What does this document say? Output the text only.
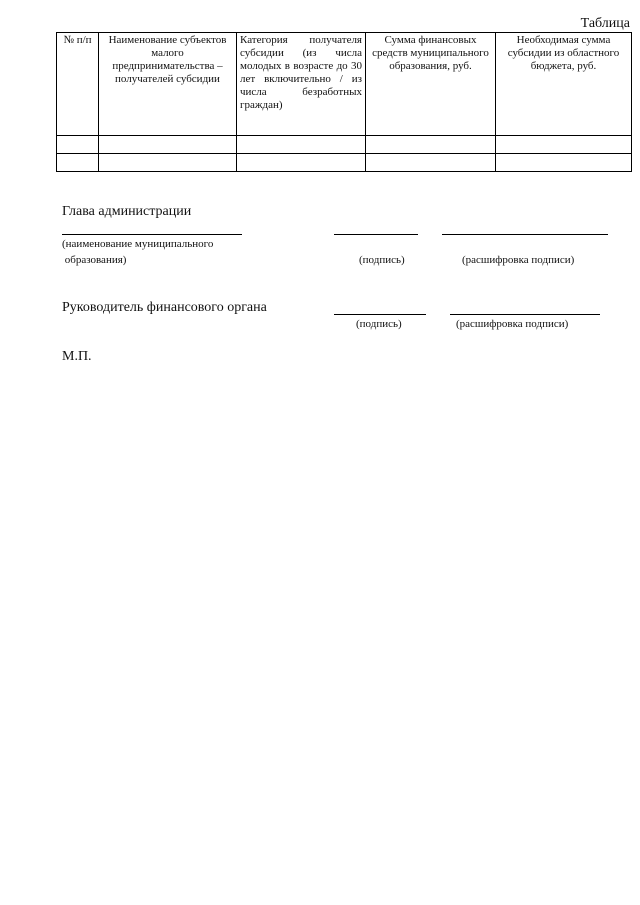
Таблица
№ п/п	Наименование субъектов малого предпринимательства – получателей субсидии	Категория получателя субсидии (из числа молодых в возрасте до 30 лет включительно / из числа безработных граждан)	Сумма финансовых средств муниципального образования, руб.	Необходимая сумма субсидии из областного бюджета, руб.

Глава администрации
(наименование муниципального
образования)	(подпись)	(расшифровка подписи)
Руководитель финансового органа
(подпись)	(расшифровка подписи)
М.П.
